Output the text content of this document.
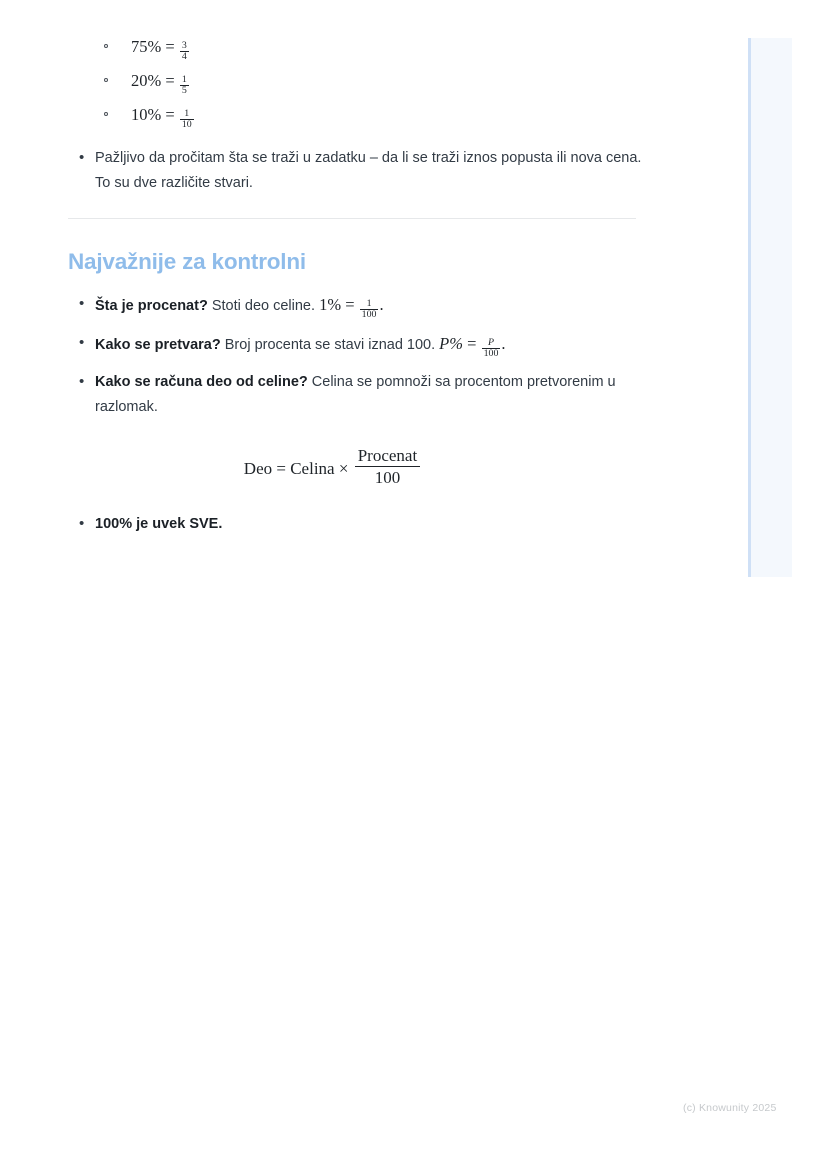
$75\% = \frac{3}{4}$
$20\% = \frac{1}{5}$
$10\% = \frac{1}{10}$
• Pažljivo da pročitam šta se traži u zadatku – da li se traži iznos popusta ili nova cena. To su dve različite stvari.
Najvažnije za kontrolni
• Šta je procenat? Stoti deo celine. $1\% = \frac{1}{100}$ .
• Kako se pretvara? Broj procenta se stavi iznad 100. $P\% = \frac{P}{100}$ .
• Kako se računa deo od celine? Celina se pomnoži sa procentom pretvorenim u razlomak.
Deo = Celina × $\frac{\text{Procenat}}{100}$
• 100% je uvek SVE.
(c) Knowunity 2025
